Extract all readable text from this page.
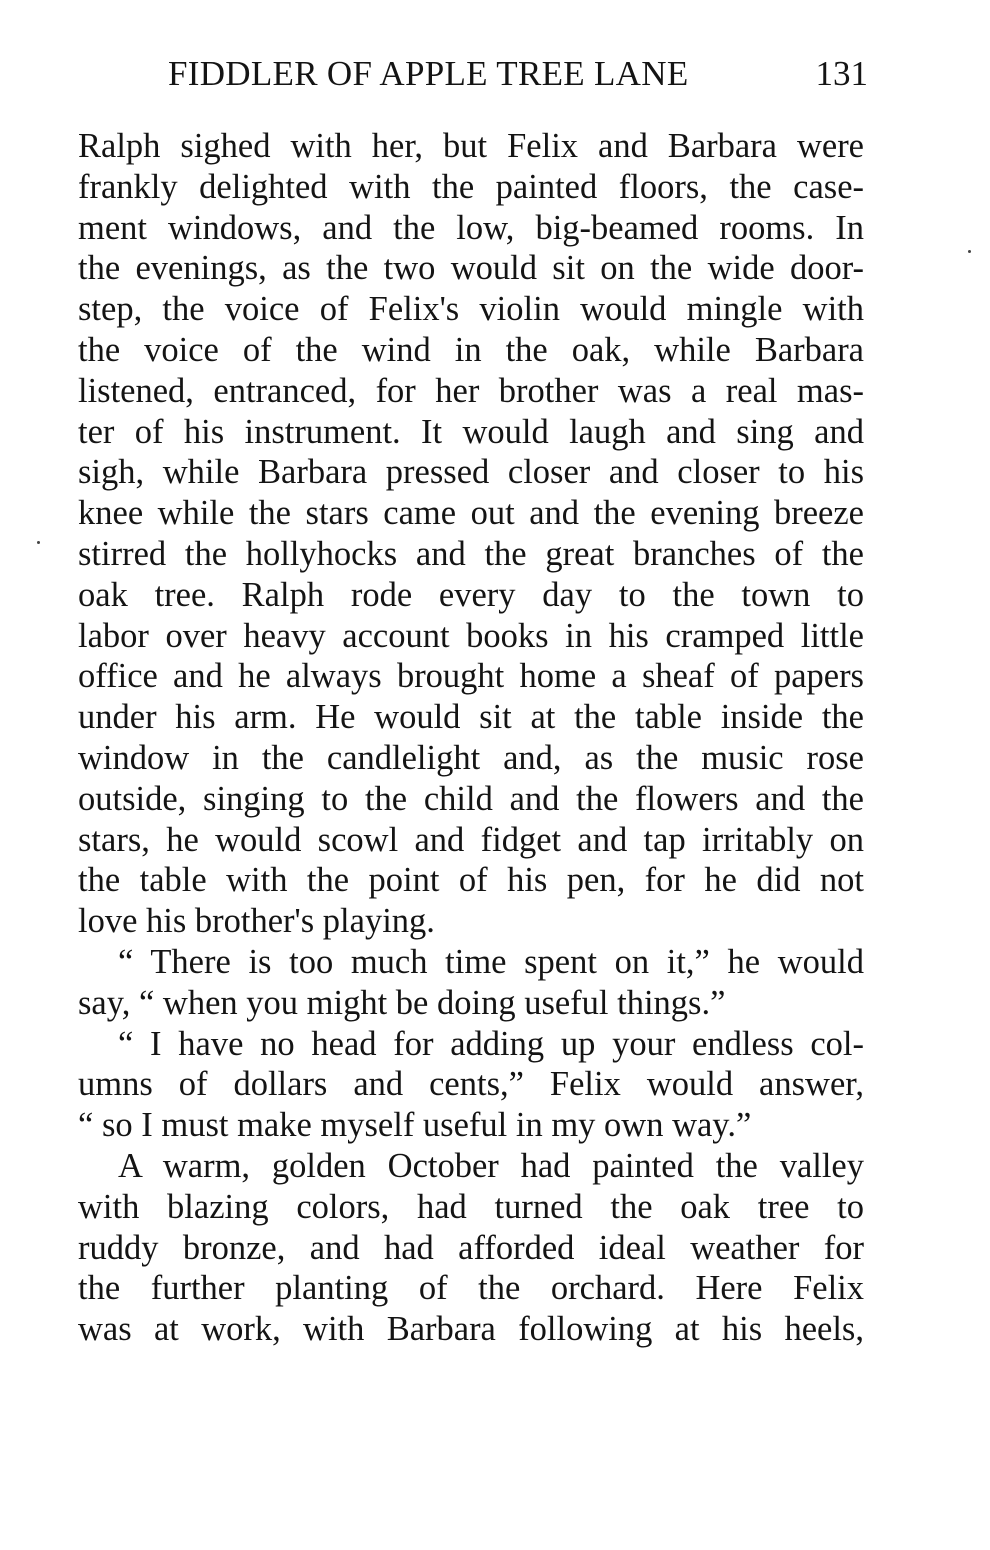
FIDDLER OF APPLE TREE LANE	131
Ralph sighed with her, but Felix and Barbara were
frankly delighted with the painted floors, the case-
ment windows, and the low, big-beamed rooms. In
the evenings, as the two would sit on the wide door-
step, the voice of Felix's violin would mingle with
the voice of the wind in the oak, while Barbara
listened, entranced, for her brother was a real mas-
ter of his instrument. It would laugh and sing and
sigh, while Barbara pressed closer and closer to his
knee while the stars came out and the evening breeze
stirred the hollyhocks and the great branches of the
oak tree. Ralph rode every day to the town to
labor over heavy account books in his cramped little
office and he always brought home a sheaf of papers
under his arm. He would sit at the table inside the
window in the candlelight and, as the music rose
outside, singing to the child and the flowers and the
stars, he would scowl and fidget and tap irritably on
the table with the point of his pen, for he did not
love his brother's playing.
“ There is too much time spent on it,” he would
say, “ when you might be doing useful things.”
“ I have no head for adding up your endless col-
umns of dollars and cents,” Felix would answer,
“ so I must make myself useful in my own way.”
A warm, golden October had painted the valley
with blazing colors, had turned the oak tree to
ruddy bronze, and had afforded ideal weather for
the further planting of the orchard. Here Felix
was at work, with Barbara following at his heels,
